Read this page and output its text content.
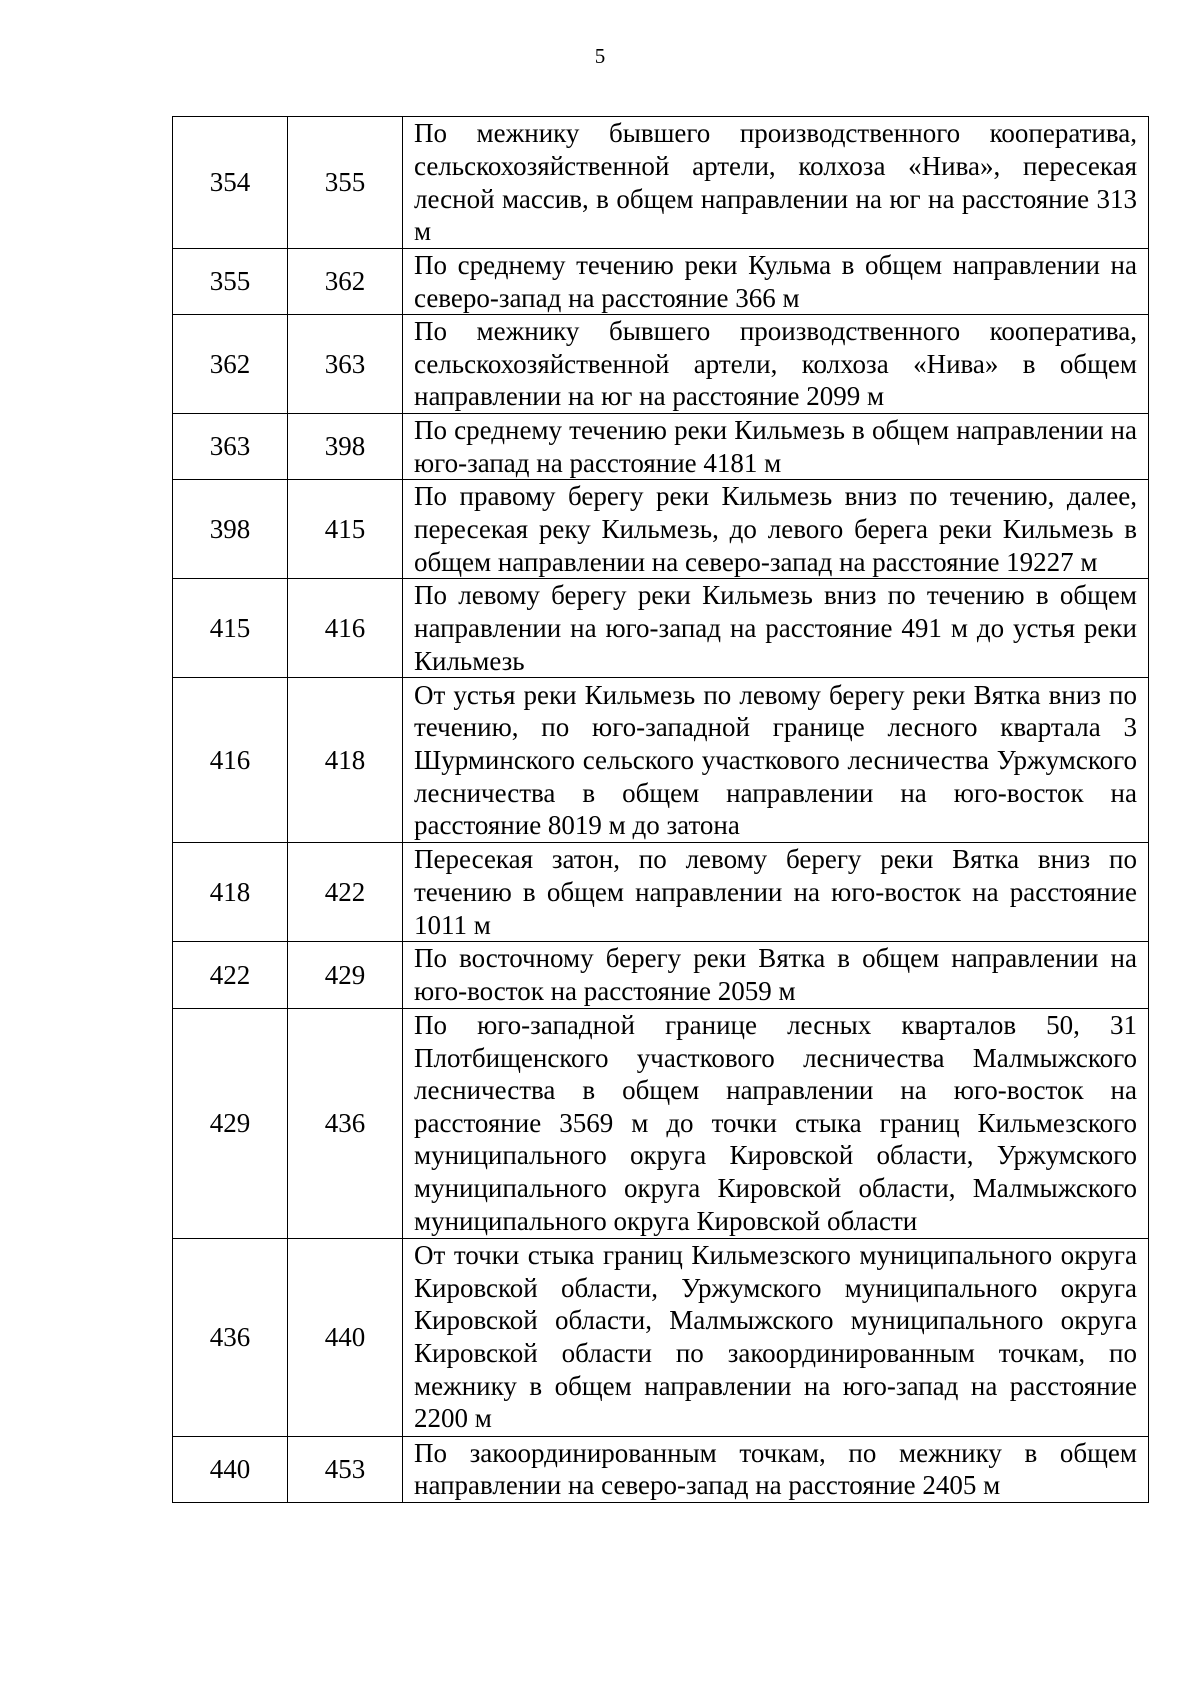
5
354	355	По межнику бывшего производственного кооператива, сельскохозяйственной артели, колхоза «Нива», пересекая лесной массив, в общем направлении на юг на расстояние 313 м
355	362	По среднему течению реки Кульма в общем направлении на северо-запад на расстояние 366 м
362	363	По межнику бывшего производственного кооператива, сельскохозяйственной артели, колхоза «Нива» в общем направлении на юг на расстояние 2099 м
363	398	По среднему течению реки Кильмезь в общем направлении на юго-запад на расстояние 4181 м
398	415	По правому берегу реки Кильмезь вниз по течению, далее, пересекая реку Кильмезь, до левого берега реки Кильмезь в общем направлении на северо-запад на расстояние 19227 м
415	416	По левому берегу реки Кильмезь вниз по течению в общем направлении на юго-запад на расстояние 491 м до устья реки Кильмезь
416	418	От устья реки Кильмезь по левому берегу реки Вятка вниз по течению, по юго-западной границе лесного квартала 3 Шурминского сельского участкового лесничества Уржумского лесничества в общем направлении на юго-восток на расстояние 8019 м до затона
418	422	Пересекая затон, по левому берегу реки Вятка вниз по течению в общем направлении на юго-восток на расстояние 1011 м
422	429	По восточному берегу реки Вятка в общем направлении на юго-восток на расстояние 2059 м
429	436	По юго-западной границе лесных кварталов 50, 31 Плотбищенского участкового лесничества Малмыжского лесничества в общем направлении на юго-восток на расстояние 3569 м до точки стыка границ Кильмезского муниципального округа Кировской области, Уржумского муниципального округа Кировской области, Малмыжского муниципального округа Кировской области
436	440	От точки стыка границ Кильмезского муниципального округа Кировской области, Уржумского муниципального округа Кировской области, Малмыжского муниципального округа Кировской области по закоординированным точкам, по межнику в общем направлении на юго-запад на расстояние 2200 м
440	453	По закоординированным точкам, по межнику в общем направлении на северо-запад на расстояние 2405 м
